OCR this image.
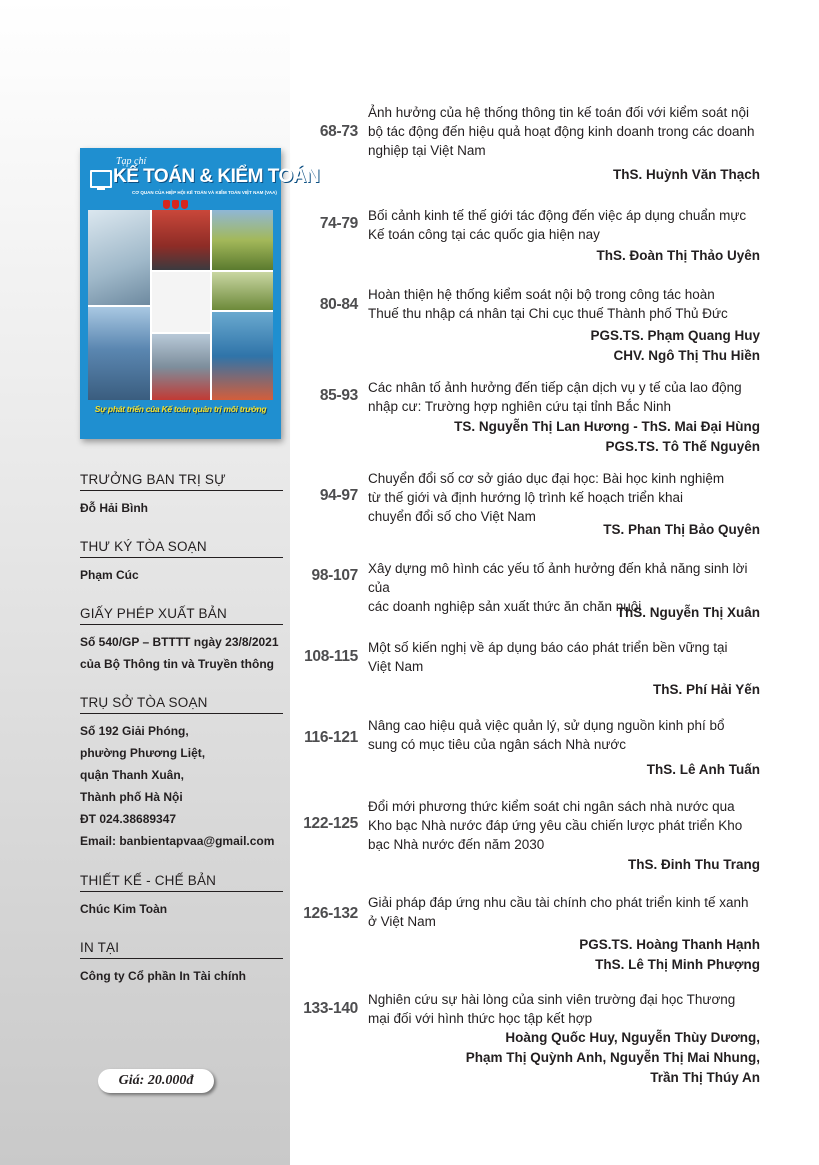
Tạp chí
KẾ TOÁN & KIỂM TOÁN
CƠ QUAN CỦA HIỆP HỘI KẾ TOÁN VÀ KIỂM TOÁN VIỆT NAM (VAA)
Sự phát triển của Kế toán quản trị môi trường
TRƯỞNG BAN TRỊ SỰ
Đỗ Hải Bình
THƯ KÝ TÒA SOẠN
Phạm Cúc
GIẤY PHÉP XUẤT BẢN
Số 540/GP – BTTTT ngày 23/8/2021
của Bộ Thông tin và Truyền thông
TRỤ SỞ TÒA SOẠN
Số 192 Giải Phóng,
phường Phương Liệt,
quận Thanh Xuân,
Thành phố Hà Nội
ĐT 024.38689347
Email: banbientapvaa@gmail.com
THIẾT KẾ - CHẾ BẢN
Chúc Kim Toàn
IN TẠI
Công ty Cổ phần In Tài chính
Giá: 20.000đ
68-73
Ảnh hưởng của hệ thống thông tin kế toán đối với kiểm soát nội
bộ tác động đến hiệu quả hoạt động kinh doanh trong các doanh
nghiệp tại Việt Nam
ThS. Huỳnh Văn Thạch
74-79 Bối cảnh kinh tế thế giới tác động đến việc áp dụng chuẩn mực
Kế toán công tại các quốc gia hiện nay
ThS. Đoàn Thị Thảo Uyên
80-84
Hoàn thiện hệ thống kiểm soát nội bộ trong công tác hoàn
Thuế thu nhập cá nhân tại Chi cục thuế Thành phố Thủ Đức
PGS.TS. Phạm Quang Huy
CHV. Ngô Thị Thu Hiền
85-93 Các nhân tố ảnh hưởng đến tiếp cận dịch vụ y tế của lao động
nhập cư: Trường hợp nghiên cứu tại tỉnh Bắc Ninh
TS. Nguyễn Thị Lan Hương - ThS. Mai Đại Hùng
PGS.TS. Tô Thế Nguyên
94-97
Chuyển đổi số cơ sở giáo dục đại học: Bài học kinh nghiệm
từ thế giới và định hướng lộ trình kế hoạch triển khai
chuyển đổi số cho Việt Nam
TS. Phan Thị Bảo Quyên
98-107 Xây dựng mô hình các yếu tố ảnh hưởng đến khả năng sinh lời của
các doanh nghiệp sản xuất thức ăn chăn nuôi
ThS. Nguyễn Thị Xuân
108-115
Một số kiến nghị về áp dụng báo cáo phát triển bền vững tại
Việt Nam
ThS. Phí Hải Yến
116-121
Nâng cao hiệu quả việc quản lý, sử dụng nguồn kinh phí bổ
sung có mục tiêu của ngân sách Nhà nước
ThS. Lê Anh Tuấn
122-125
Đổi mới phương thức kiểm soát chi ngân sách nhà nước qua
Kho bạc Nhà nước đáp ứng yêu cầu chiến lược phát triển Kho
bạc Nhà nước đến năm 2030
ThS. Đinh Thu Trang
126-132
Giải pháp đáp ứng nhu cầu tài chính cho phát triển kinh tế xanh
ở Việt Nam
PGS.TS. Hoàng Thanh Hạnh
ThS. Lê Thị Minh Phượng
133-140
Nghiên cứu sự hài lòng của sinh viên trường đại học Thương
mại đối với hình thức học tập kết hợp
Hoàng Quốc Huy, Nguyễn Thùy Dương,
Phạm Thị Quỳnh Anh, Nguyễn Thị Mai Nhung,
Trần Thị Thúy An
